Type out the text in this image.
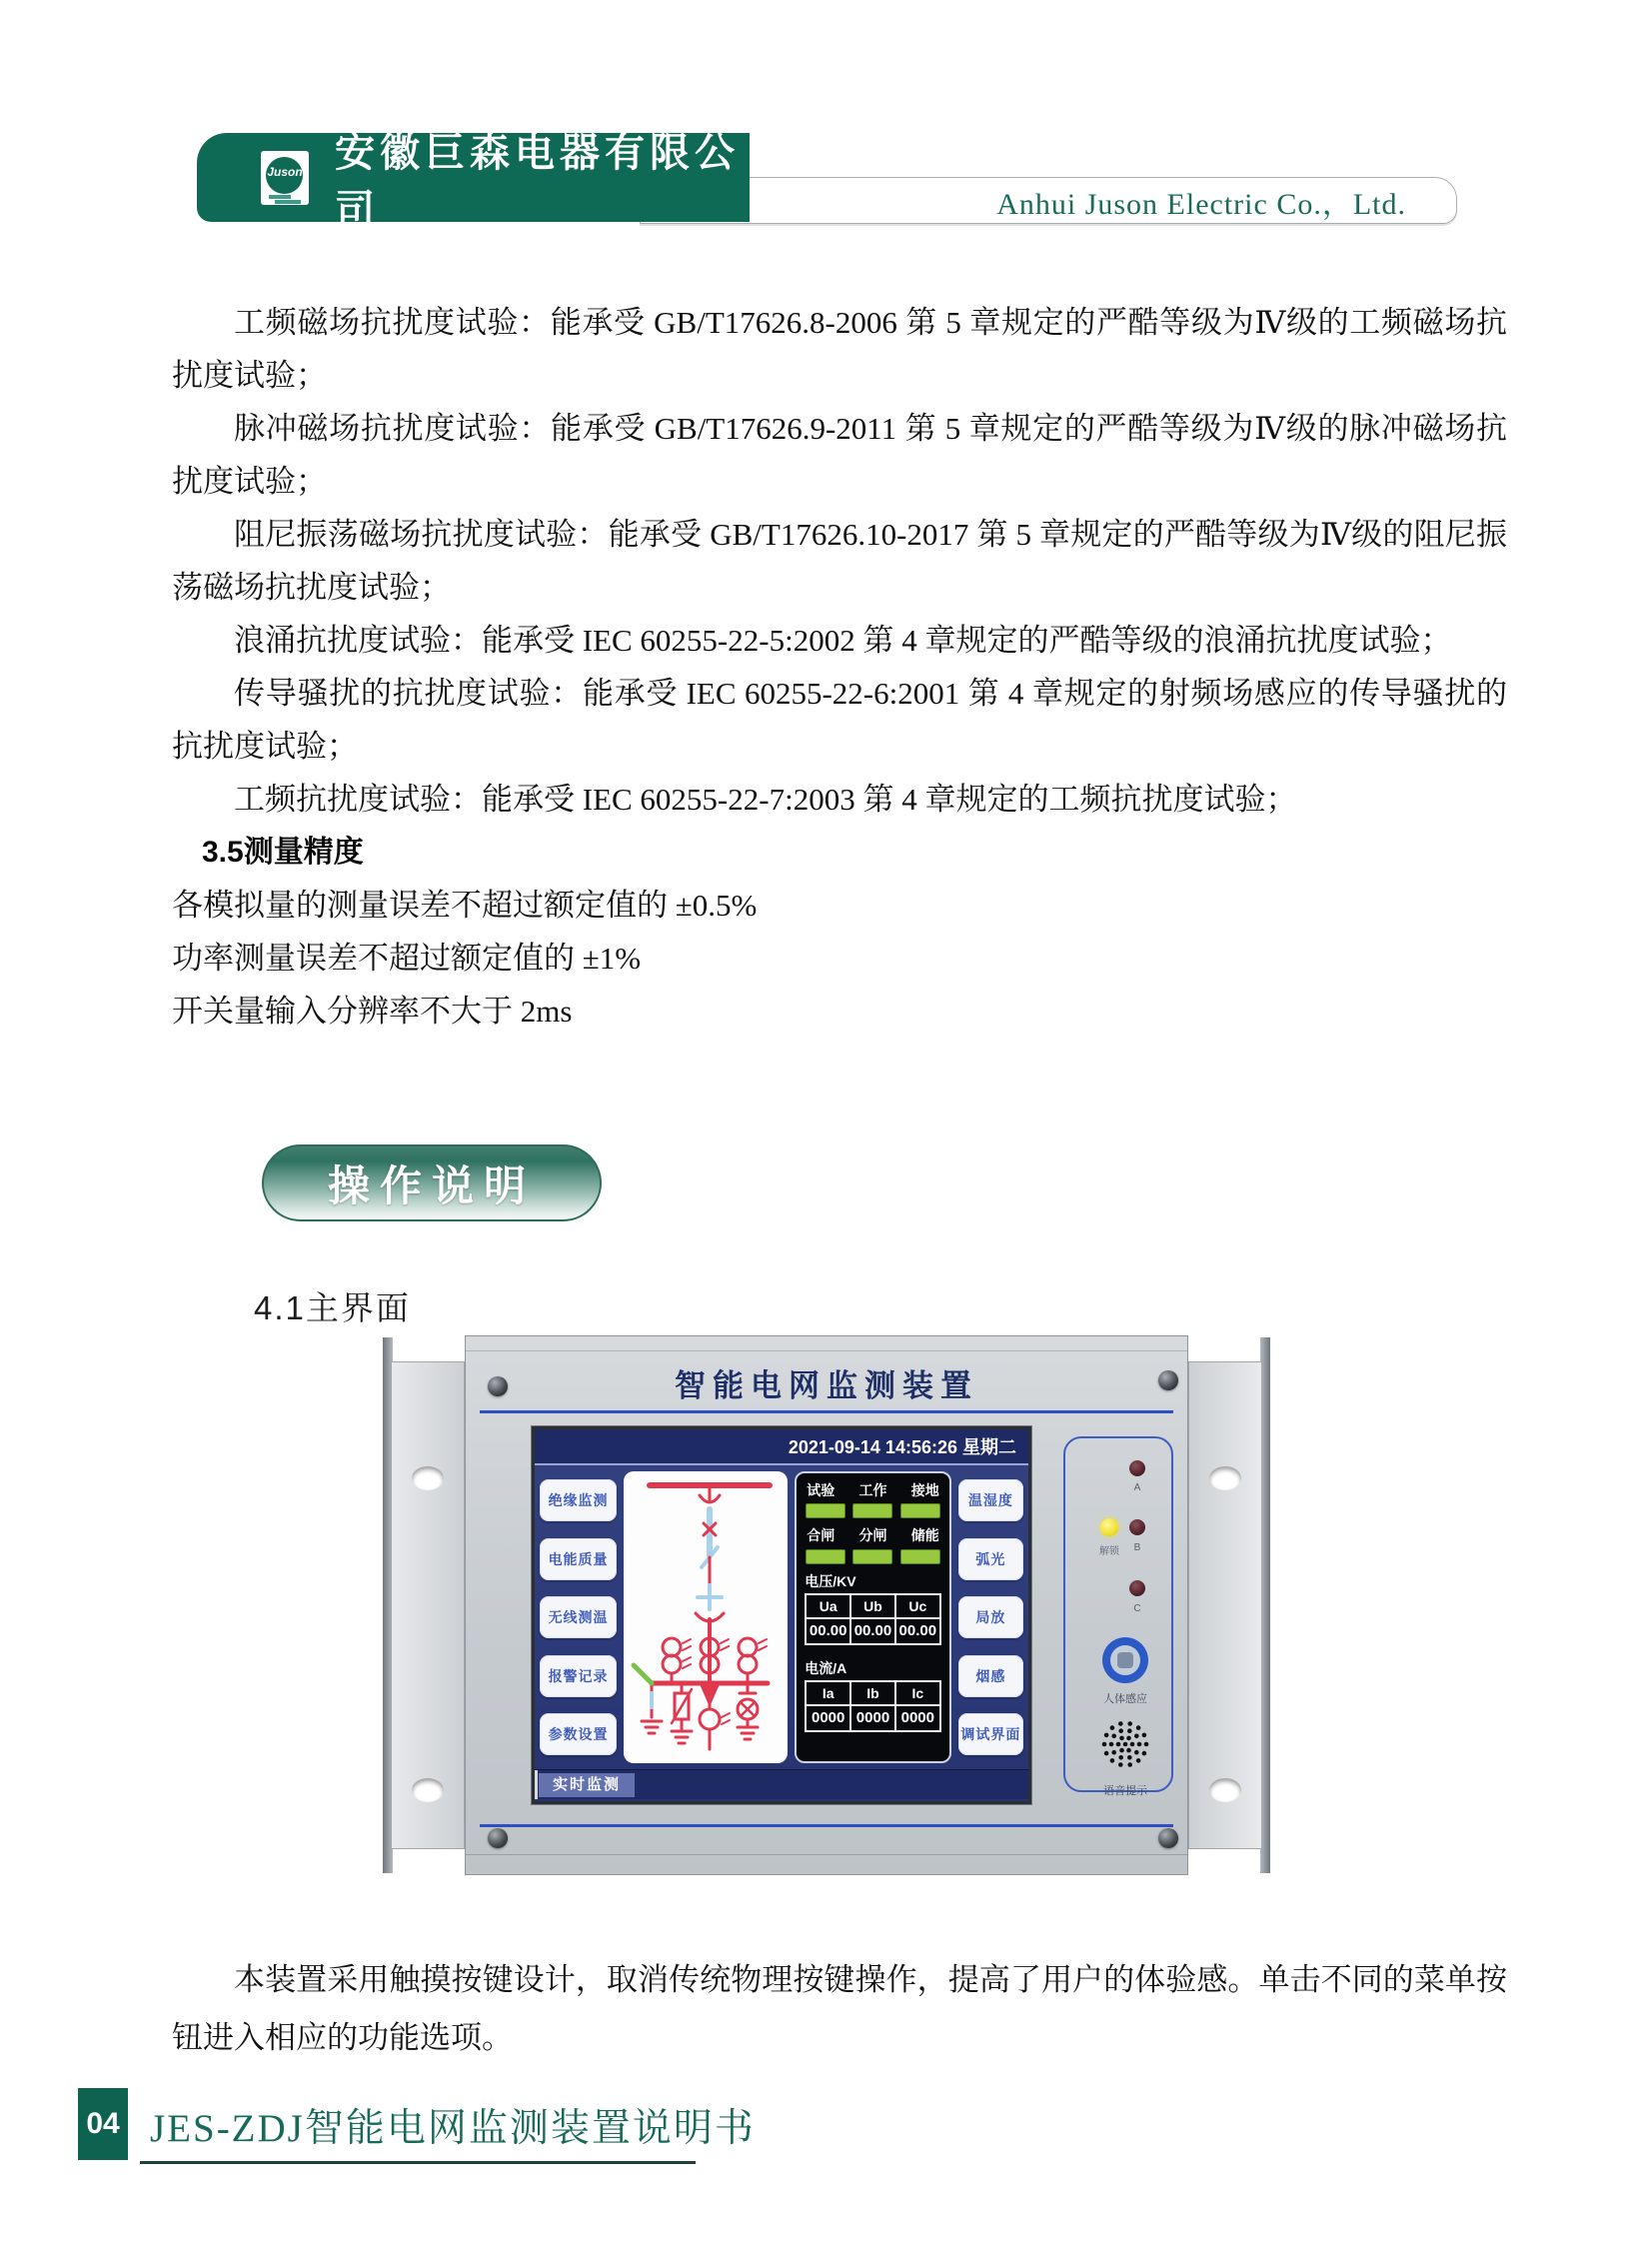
Anhui Juson Electric Co.，Ltd.
Juson 安徽巨森电器有限公司

工频磁场抗扰度试验：能承受 GB/T17626.8-2006 第 5 章规定的严酷等级为Ⅳ级的工频磁场抗扰度试验；

脉冲磁场抗扰度试验：能承受 GB/T17626.9-2011 第 5 章规定的严酷等级为Ⅳ级的脉冲磁场抗扰度试验；

阻尼振荡磁场抗扰度试验：能承受 GB/T17626.10-2017 第 5 章规定的严酷等级为Ⅳ级的阻尼振荡磁场抗扰度试验；

浪涌抗扰度试验：能承受 IEC 60255-22-5:2002 第 4 章规定的严酷等级的浪涌抗扰度试验；

传导骚扰的抗扰度试验：能承受 IEC 60255-22-6:2001 第 4 章规定的射频场感应的传导骚扰的抗扰度试验；

工频抗扰度试验：能承受 IEC 60255-22-7:2003 第 4 章规定的工频抗扰度试验；

3.5测量精度

各模拟量的测量误差不超过额定值的 ±0.5%

功率测量误差不超过额定值的 ±1%

开关量输入分辨率不大于 2ms

操作说明
4.1主界面
智能电网监测装置
2021-09-14 14:56:26 星期二
绝缘监测
电能质量
无线测温
报警记录
参数设置
试验 工作 接地
合闸 分闸 储能
电压/KV
Ua	Ub	Uc
00.00	00.00	00.00
电流/A
Ia	Ib	Ic
0000	0000	0000
温湿度
弧光
局放
烟感
调试界面
实时监测
A
解锁 B
C
人体感应
语音提示

本装置采用触摸按键设计，取消传统物理按键操作，提高了用户的体验感。单击不同的菜单按钮进入相应的功能选项。

04 JES-ZDJ智能电网监测装置说明书
